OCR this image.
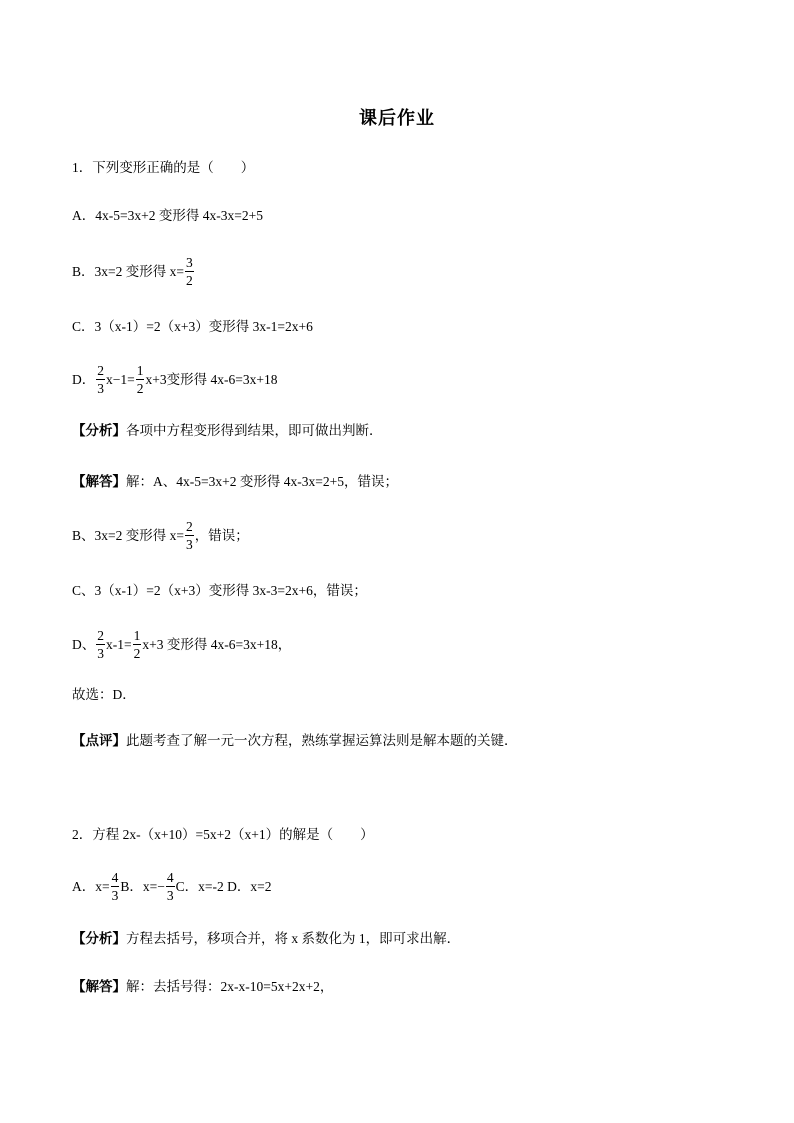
课后作业
1．下列变形正确的是（　　）
A．4x-5=3x+2 变形得 4x-3x=2+5
B．3x=2 变形得 $x= \frac{3}{2}$
C．3（x-1）=2（x+3）变形得 3x-1=2x+6
D． $\frac{2}{3} x-1= \frac{1}{2} x+3$变形得 4x-6=3x+18
【分析】 各项中方程变形得到结果，即可做出判断．
【解答】 解：A、4x-5=3x+2 变形得 4x-3x=2+5，错误；
B、3x=2 变形得 $x= \frac{2}{3}$ ，错误；
C、3（x-1）=2（x+3）变形得 3x-3=2x+6，错误；
D、 $\frac{2}{3} x-1= \frac{1}{2} x+3$ 变形得 4x-6=3x+18，
故选：D．
【点评】 此题考查了解一元一次方程，熟练掌握运算法则是解本题的关键．
2．方程 2x-（x+10）=5x+2（x+1）的解是（　　）
A．$x= \frac{4}{3}$ B．$x=- \frac{4}{3}$ C．x=-2 D．x=2
【分析】 方程去括号，移项合并，将 x 系数化为 1，即可求出解．
【解答】 解：去括号得：2x-x-10=5x+2x+2，
